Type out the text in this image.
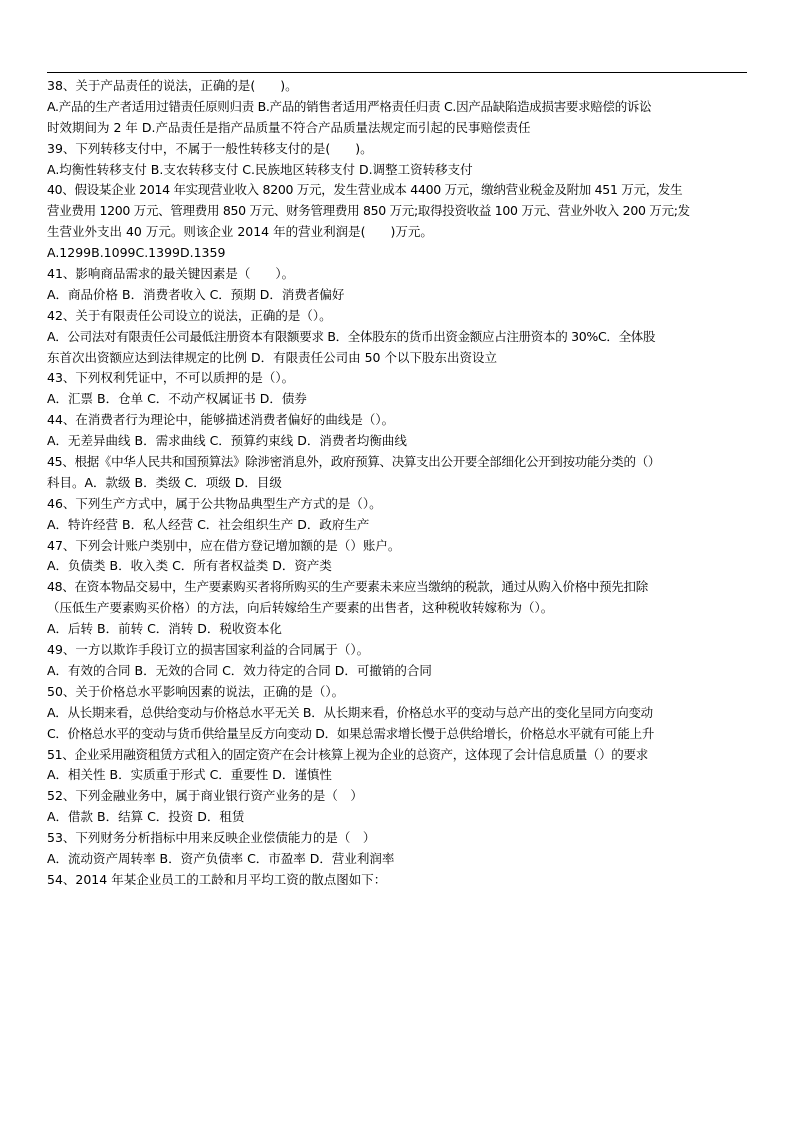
38、关于产品责任的说法，正确的是(　　)。
A.产品的生产者适用过错责任原则归责 B.产品的销售者适用严格责任归责 C.因产品缺陷造成损害要求赔偿的诉讼
时效期间为 2 年 D.产品责任是指产品质量不符合产品质量法规定而引起的民事赔偿责任
39、下列转移支付中，不属于一般性转移支付的是(　　)。
A.均衡性转移支付 B.支农转移支付 C.民族地区转移支付 D.调整工资转移支付
40、假设某企业 2014 年实现营业收入 8200 万元，发生营业成本 4400 万元，缴纳营业税金及附加 451 万元，发生
营业费用 1200 万元、管理费用 850 万元、财务管理费用 850 万元;取得投资收益 100 万元、营业外收入 200 万元;发
生营业外支出 40 万元。则该企业 2014 年的营业利润是(　　)万元。
A.1299B.1099C.1399D.1359
41、影响商品需求的最关键因素是（　　）。
A．商品价格 B．消费者收入 C．预期 D．消费者偏好
42、关于有限责任公司设立的说法，正确的是（）。
A．公司法对有限责任公司最低注册资本有限额要求 B．全体股东的货币出资金额应占注册资本的 30%C．全体股
东首次出资额应达到法律规定的比例 D．有限责任公司由 50 个以下股东出资设立
43、下列权利凭证中，不可以质押的是（）。
A．汇票 B．仓单 C．不动产权属证书 D．债券
44、在消费者行为理论中，能够描述消费者偏好的曲线是（）。
A．无差异曲线 B．需求曲线 C．预算约束线 D．消费者均衡曲线
45、根据《中华人民共和国预算法》除涉密消息外，政府预算、决算支出公开要全部细化公开到按功能分类的（）
科目。A．款级 B．类级 C．项级 D．目级
46、下列生产方式中，属于公共物品典型生产方式的是（）。
A．特许经营 B．私人经营 C．社会组织生产 D．政府生产
47、下列会计账户类别中，应在借方登记增加额的是（）账户。
A．负债类 B．收入类 C．所有者权益类 D．资产类
48、在资本物品交易中，生产要素购买者将所购买的生产要素未来应当缴纳的税款，通过从购入价格中预先扣除
（压低生产要素购买价格）的方法，向后转嫁给生产要素的出售者，这种税收转嫁称为（）。
A．后转 B．前转 C．消转 D．税收资本化
49、一方以欺诈手段订立的损害国家利益的合同属于（）。
A．有效的合同 B．无效的合同 C．效力待定的合同 D．可撤销的合同
50、关于价格总水平影响因素的说法，正确的是（）。
A．从长期来看，总供给变动与价格总水平无关 B．从长期来看，价格总水平的变动与总产出的变化呈同方向变动
C．价格总水平的变动与货币供给量呈反方向变动 D．如果总需求增长慢于总供给增长，价格总水平就有可能上升
51、企业采用融资租赁方式租入的固定资产在会计核算上视为企业的总资产，这体现了会计信息质量（）的要求
A．相关性 B．实质重于形式 C．重要性 D．谨慎性
52、下列金融业务中，属于商业银行资产业务的是（　）
A．借款 B．结算 C．投资 D．租赁
53、下列财务分析指标中用来反映企业偿债能力的是（　）
A．流动资产周转率 B．资产负债率 C．市盈率 D．营业利润率
54、2014 年某企业员工的工龄和月平均工资的散点图如下：
